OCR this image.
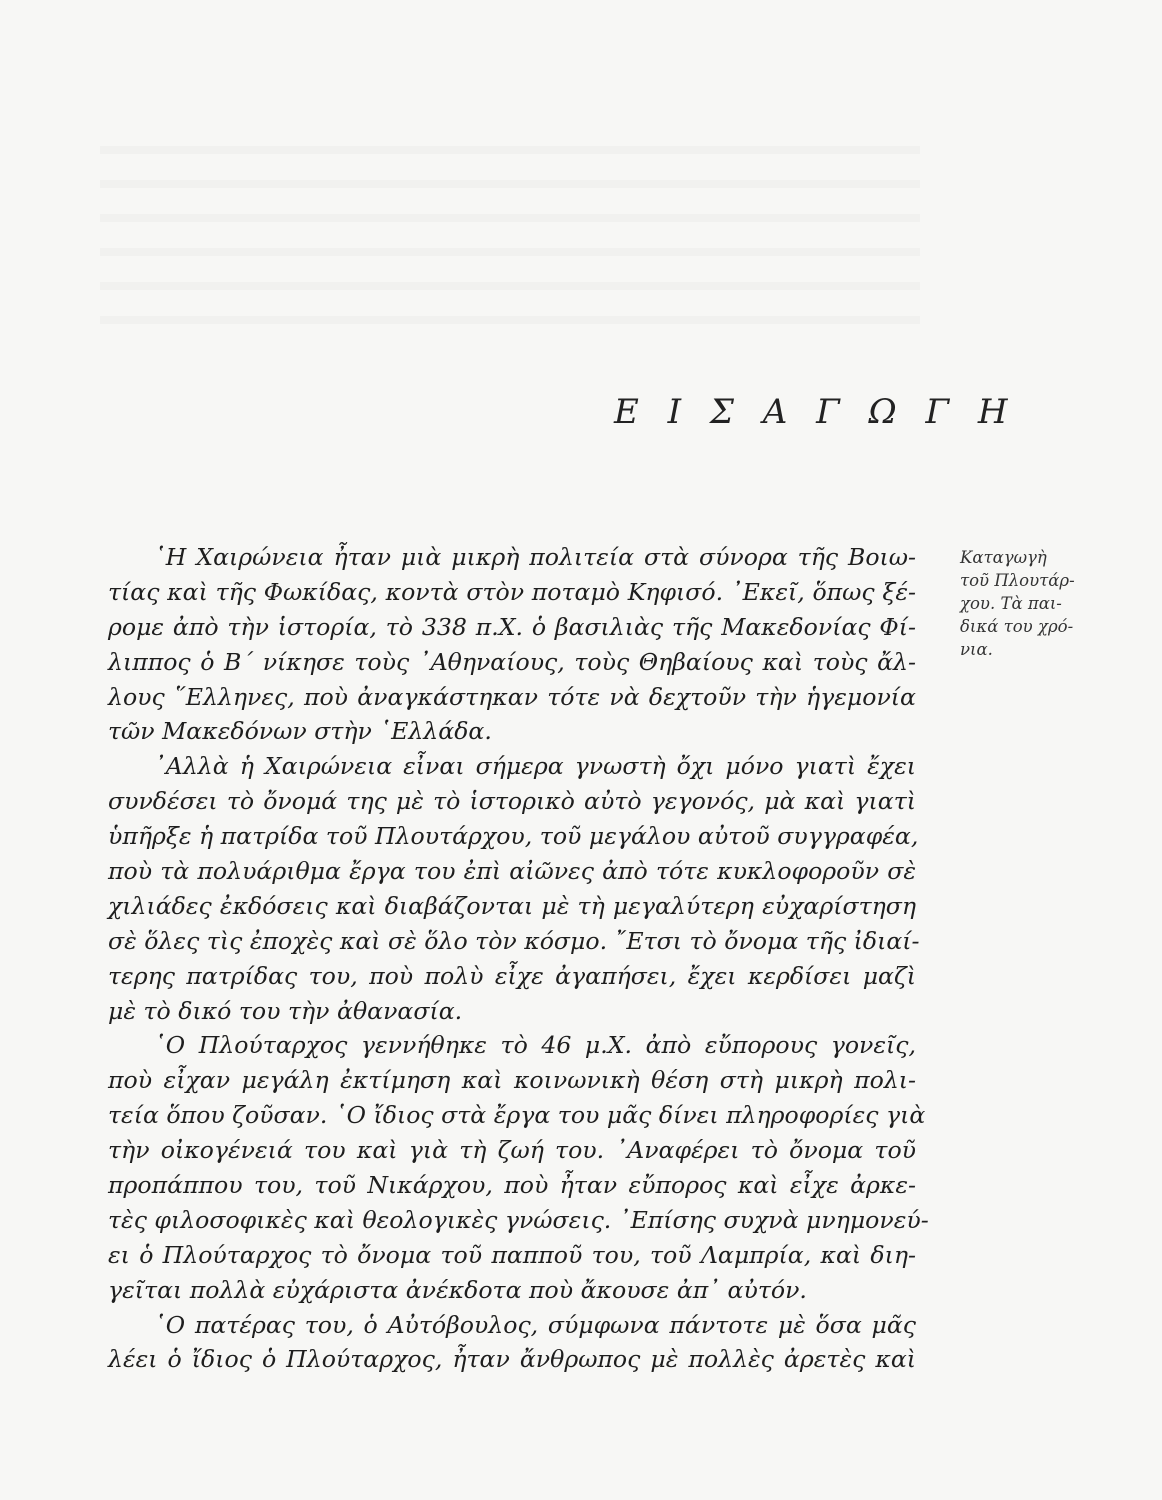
Ε Ι Σ Α Γ Ω Γ Η
Καταγωγὴ
τοῦ Πλουτάρ-
χου. Τὰ παι-
δικά του χρό-
νια.
῾Η Χαιρώνεια ἦταν μιὰ μικρὴ πολιτεία στὰ σύνορα τῆς Βοιω-
τίας καὶ τῆς Φωκίδας, κοντὰ στὸν ποταμὸ Κηφισό. ᾽Εκεῖ, ὅπως ξέ-
ρομε ἀπὸ τὴν ἱστορία, τὸ 338 π.Χ. ὁ βασιλιὰς τῆς Μακεδονίας Φί-
λιππος ὁ Β΄ νίκησε τοὺς ᾽Αθηναίους, τοὺς Θηβαίους καὶ τοὺς ἄλ-
λους ῞Ελληνες, ποὺ ἀναγκάστηκαν τότε νὰ δεχτοῦν τὴν ἡγεμονία
τῶν Μακεδόνων στὴν ῾Ελλάδα.
᾽Αλλὰ ἡ Χαιρώνεια εἶναι σήμερα γνωστὴ ὄχι μόνο γιατὶ ἔχει
συνδέσει τὸ ὄνομά της μὲ τὸ ἱστορικὸ αὐτὸ γεγονός, μὰ καὶ γιατὶ
ὑπῆρξε ἡ πατρίδα τοῦ Πλουτάρχου, τοῦ μεγάλου αὐτοῦ συγγραφέα,
ποὺ τὰ πολυάριθμα ἔργα του ἐπὶ αἰῶνες ἀπὸ τότε κυκλοφοροῦν σὲ
χιλιάδες ἐκδόσεις καὶ διαβάζονται μὲ τὴ μεγαλύτερη εὐχαρίστηση
σὲ ὅλες τὶς ἐποχὲς καὶ σὲ ὅλο τὸν κόσμο. ῎Ετσι τὸ ὄνομα τῆς ἰδιαί-
τερης πατρίδας του, ποὺ πολὺ εἶχε ἀγαπήσει, ἔχει κερδίσει μαζὶ
μὲ τὸ δικό του τὴν ἀθανασία.
῾Ο Πλούταρχος γεννήθηκε τὸ 46 μ.Χ. ἀπὸ εὔπορους γονεῖς,
ποὺ εἶχαν μεγάλη ἐκτίμηση καὶ κοινωνικὴ θέση στὴ μικρὴ πολι-
τεία ὅπου ζοῦσαν. ῾Ο ἴδιος στὰ ἔργα του μᾶς δίνει πληροφορίες γιὰ
τὴν οἰκογένειά του καὶ γιὰ τὴ ζωή του. ᾽Αναφέρει τὸ ὄνομα τοῦ
προπάππου του, τοῦ Νικάρχου, ποὺ ἦταν εὔπορος καὶ εἶχε ἀρκε-
τὲς φιλοσοφικὲς καὶ θεολογικὲς γνώσεις. ᾽Επίσης συχνὰ μνημονεύ-
ει ὁ Πλούταρχος τὸ ὄνομα τοῦ παπποῦ του, τοῦ Λαμπρία, καὶ διη-
γεῖται πολλὰ εὐχάριστα ἀνέκδοτα ποὺ ἄκουσε ἀπ᾽ αὐτόν.
῾Ο πατέρας του, ὁ Αὐτόβουλος, σύμφωνα πάντοτε μὲ ὅσα μᾶς
λέει ὁ ἴδιος ὁ Πλούταρχος, ἦταν ἄνθρωπος μὲ πολλὲς ἀρετὲς καὶ
